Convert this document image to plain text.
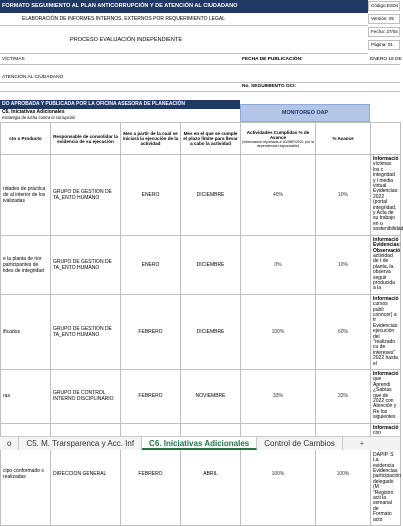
FORMATO SEGUIMIENTO AL PLAN ANTICORRUPCIÓN Y DE ATENCIÓN AL CIUDADANO
ELABORACIÓN DE INFORMES INTERNOS, EXTERNOS POR REQUERIMIENTO LEGAL
PROCESO EVALUACIÓN INDEPENDIENTE
Código:ES04
Versión: 05
Fecha: 27/04
Página: 01
VÍCTIMAS	FECHA DE PUBLICACIÓN:	ENERO 16 DE
ATENCIÓN AL CIUDADANO
No. SEGUIMIENTO OCI:
DO APROBADA Y PUBLICADA POR LA OFICINA ASESORA DE PLANEACIÓN
C6. Iniciativas Adicionales
estrategia de lucha contra la corrupción
MONITOREO OAP
cto o Producto	Responsable de consolidar la evidencia de su ejecución	Mes a partir de la cual se iniciará la ejecución de la actividad	Mes en el que se cumple el plazo límite para llevar a cabo la actividad	Actividades Cumplidas % de Avance
(Información reportada a 30/ABR/2021 por la dependencia responsable)	% Avance	
ridades de práctica de al interior de los ivalizadas	GRUPO DE GESTION DE TA_ENTO HUMANO	ENERO	DICIEMBRE	40%	10%	Informació víctimas los c integridad y l media virtual Evidencias: 2022 (portal integridad, y Acta de su trabajo en u sostenibilidad
e la planta de rior participantes de tides de integridad	GRUPO DE GESTION DE TA_ENTO HUMANO	ENERO	DICIEMBRE	0%	10%	Informació Evidencias: Observació actividad de t de planta, la observa seguir producida a la
ificados	GRUPO DE GESTION DE TA_ENTO HUMANO	FEBRERO	DICIEMBRE	100%	60%	Informació cursos publi conocer) a tr Evidencias: ejecución del "realizado cu de intereses" 2022 hasta el
ras	GRUPO DE CONTROL INTERNO DISCIPLINARIO	FEBRERO	NOVIEMBRE	33%	33%	Informació que Aprendi ¿Sabías que de 2022 con Atención y Re los siguientes
cipo conformado s realizadas	DIRECCION GENERAL	FEBRERO	ABRIL	100%	100%	Informació con DAPIP. S La evidencia Evidencias: participación delegado (M "Registro acti la semanal de Formato acto
o	C5. M. Trarsparenca y Acc. Inf	C6. Iniciativas Adicionales	Control de Cambios	+
